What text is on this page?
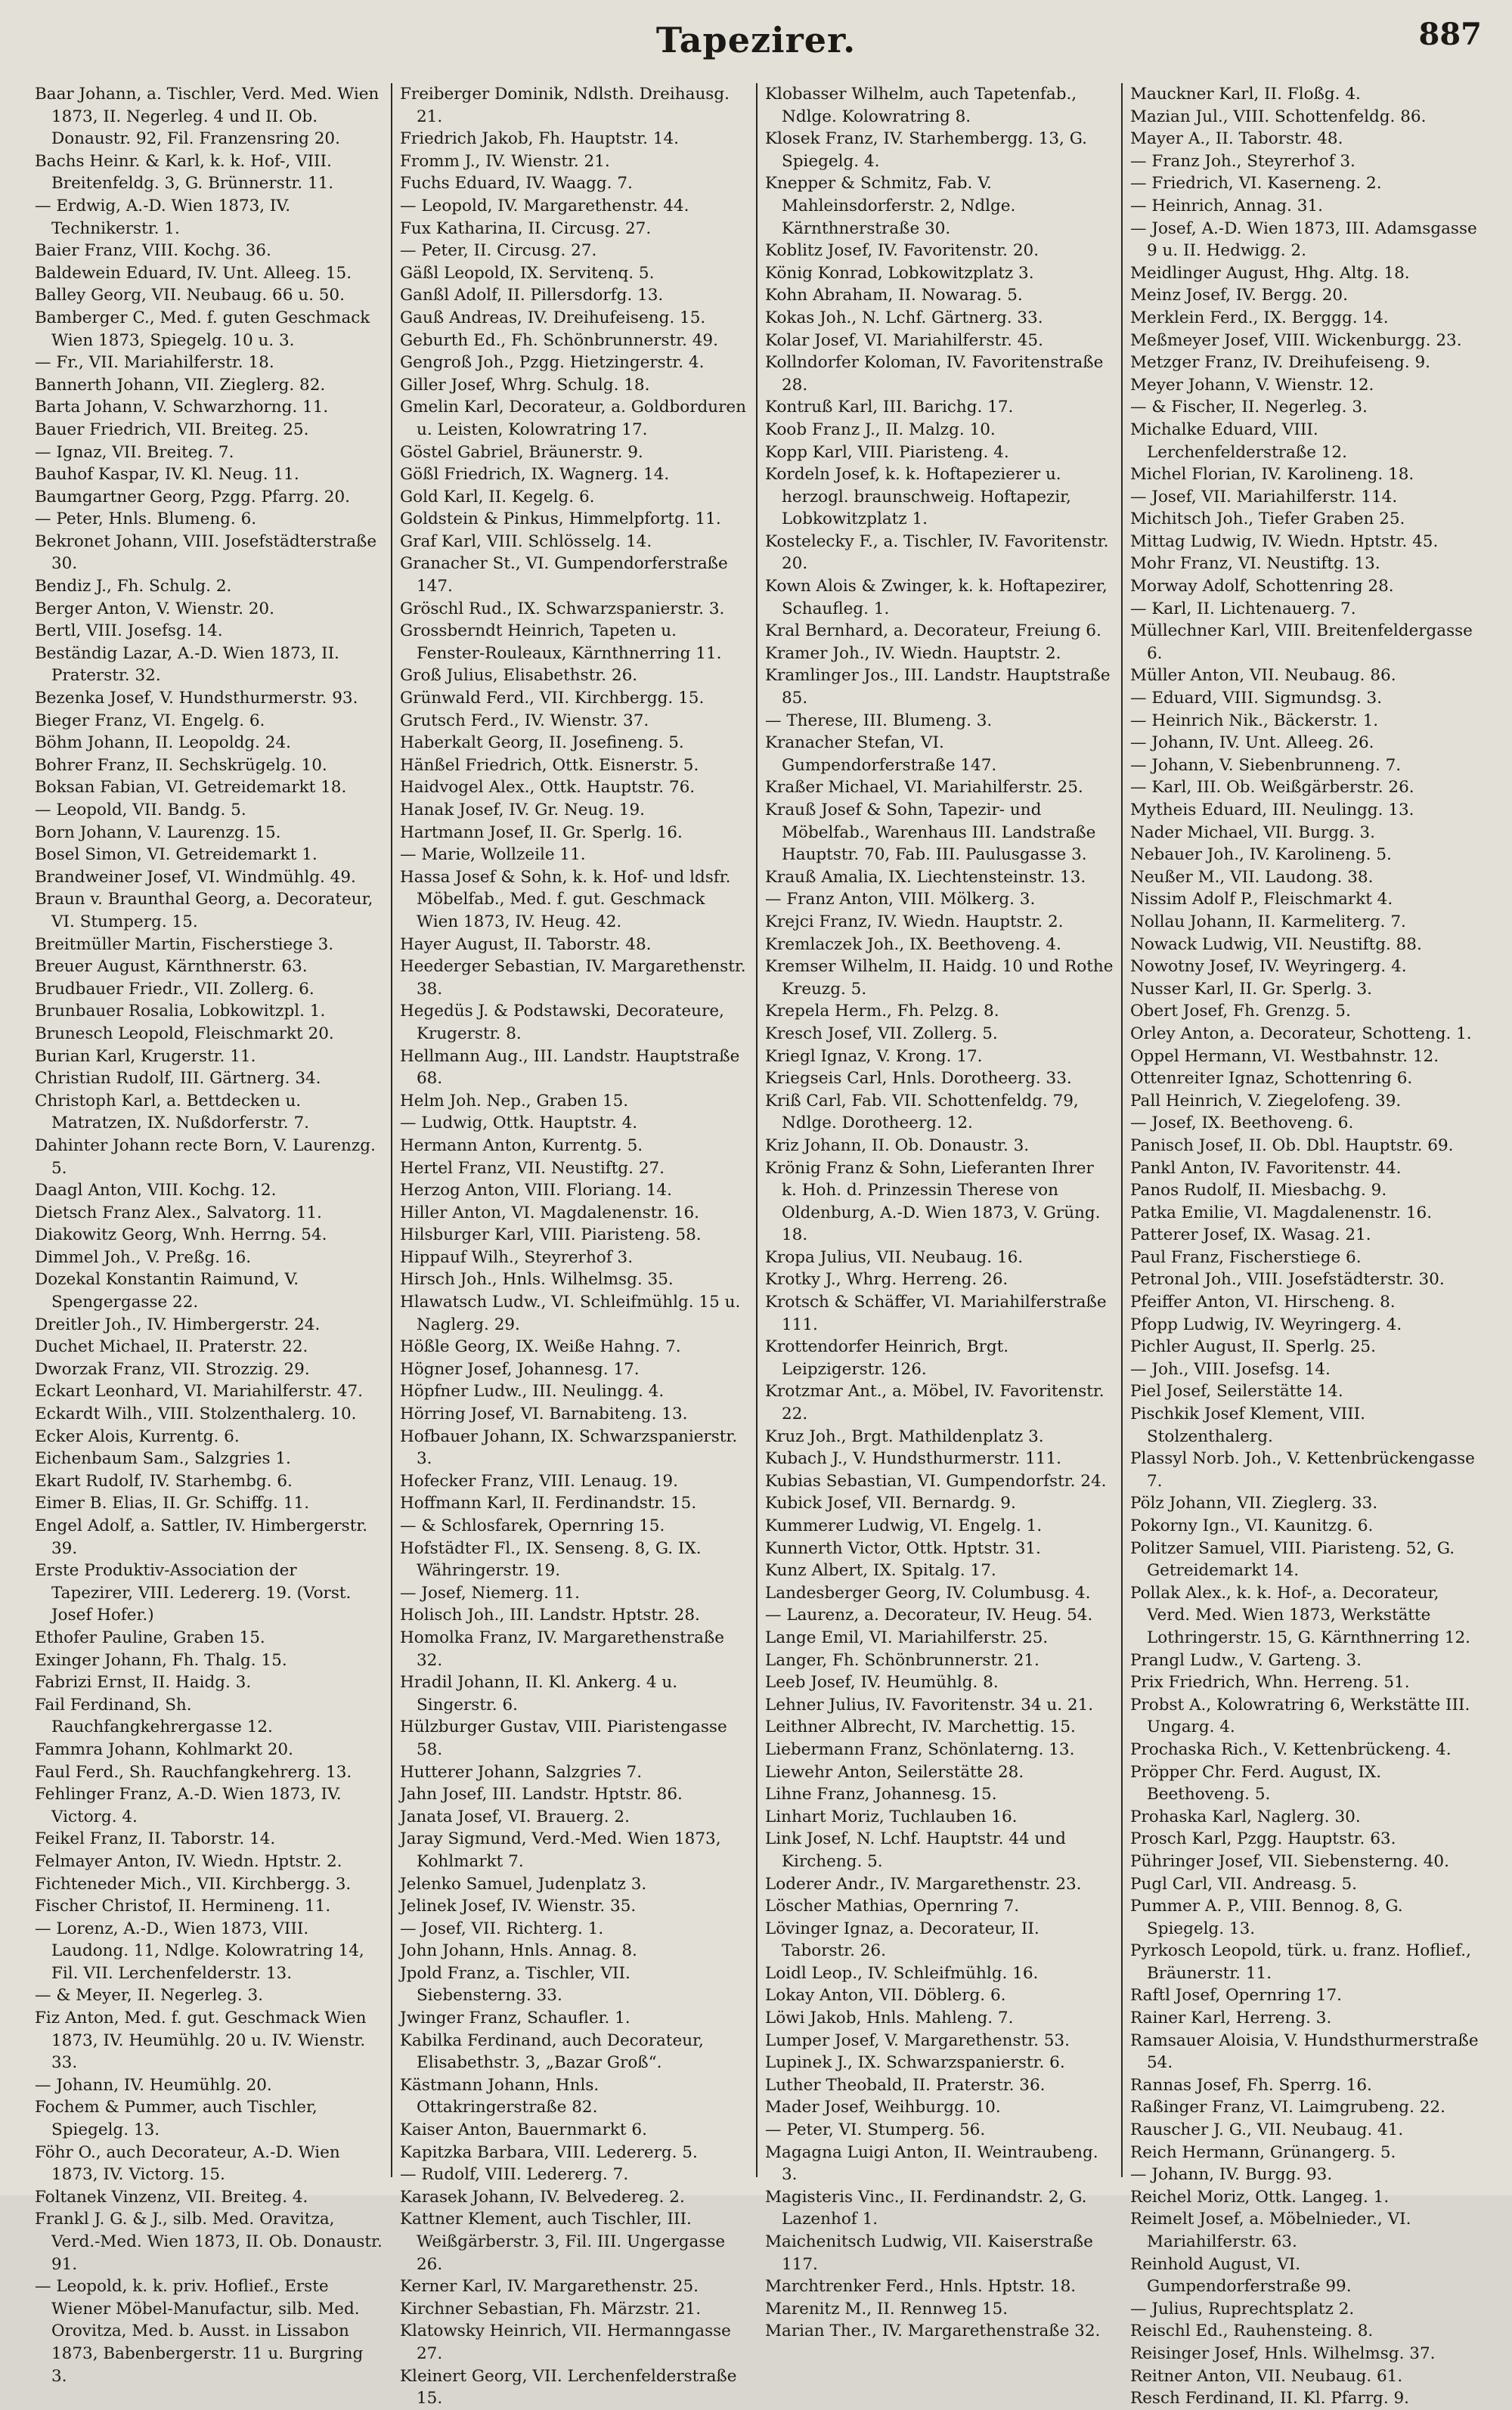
Tapezirer.	887

Baar Johann, a. Tischler, Verd. Med. Wien 1873, II. Negerleg. 4 und II. Ob. Donaustr. 92, Fil. Franzensring 20.

Bachs Heinr. & Karl, k. k. Hof-, VIII. Breitenfeldg. 3, G. Brünnerstr. 11.

— Erdwig, A.-D. Wien 1873, IV. Technikerstr. 1.

Baier Franz, VIII. Kochg. 36.

Baldewein Eduard, IV. Unt. Alleeg. 15.

Balley Georg, VII. Neubaug. 66 u. 50.

Bamberger C., Med. f. guten Geschmack Wien 1873, Spiegelg. 10 u. 3.

— Fr., VII. Mariahilferstr. 18.

Bannerth Johann, VII. Zieglerg. 82.

Barta Johann, V. Schwarzhorng. 11.

Bauer Friedrich, VII. Breiteg. 25.

— Ignaz, VII. Breiteg. 7.

Bauhof Kaspar, IV. Kl. Neug. 11.

Baumgartner Georg, Pzgg. Pfarrg. 20.

— Peter, Hnls. Blumeng. 6.

Bekronet Johann, VIII. Josefstädterstraße 30.

Bendiz J., Fh. Schulg. 2.

Berger Anton, V. Wienstr. 20.

Bertl, VIII. Josefsg. 14.

Beständig Lazar, A.-D. Wien 1873, II. Praterstr. 32.

Bezenka Josef, V. Hundsthurmerstr. 93.

Bieger Franz, VI. Engelg. 6.

Böhm Johann, II. Leopoldg. 24.

Bohrer Franz, II. Sechskrügelg. 10.

Boksan Fabian, VI. Getreidemarkt 18.

— Leopold, VII. Bandg. 5.

Born Johann, V. Laurenzg. 15.

Bosel Simon, VI. Getreidemarkt 1.

Brandweiner Josef, VI. Windmühlg. 49.

Braun v. Braunthal Georg, a. Decorateur, VI. Stumperg. 15.

Breitmüller Martin, Fischerstiege 3.

Breuer August, Kärnthnerstr. 63.

Brudbauer Friedr., VII. Zollerg. 6.

Brunbauer Rosalia, Lobkowitzpl. 1.

Brunesch Leopold, Fleischmarkt 20.

Burian Karl, Krugerstr. 11.

Christian Rudolf, III. Gärtnerg. 34.

Christoph Karl, a. Bettdecken u. Matratzen, IX. Nußdorferstr. 7.

Dahinter Johann recte Born, V. Laurenzg. 5.

Daagl Anton, VIII. Kochg. 12.

Dietsch Franz Alex., Salvatorg. 11.

Diakowitz Georg, Wnh. Herrng. 54.

Dimmel Joh., V. Preßg. 16.

Dozekal Konstantin Raimund, V. Spengergasse 22.

Dreitler Joh., IV. Himbergerstr. 24.

Duchet Michael, II. Praterstr. 22.

Dworzak Franz, VII. Strozzig. 29.

Eckart Leonhard, VI. Mariahilferstr. 47.

Eckardt Wilh., VIII. Stolzenthalerg. 10.

Ecker Alois, Kurrentg. 6.

Eichenbaum Sam., Salzgries 1.

Ekart Rudolf, IV. Starhembg. 6.

Eimer B. Elias, II. Gr. Schiffg. 11.

Engel Adolf, a. Sattler, IV. Himbergerstr. 39.

Erste Produktiv-Association der Tapezirer, VIII. Ledererg. 19. (Vorst. Josef Hofer.)

Ethofer Pauline, Graben 15.

Exinger Johann, Fh. Thalg. 15.

Fabrizi Ernst, II. Haidg. 3.

Fail Ferdinand, Sh. Rauchfangkehrergasse 12.

Fammra Johann, Kohlmarkt 20.

Faul Ferd., Sh. Rauchfangkehrerg. 13.

Fehlinger Franz, A.-D. Wien 1873, IV. Victorg. 4.

Feikel Franz, II. Taborstr. 14.

Felmayer Anton, IV. Wiedn. Hptstr. 2.

Fichteneder Mich., VII. Kirchbergg. 3.

Fischer Christof, II. Hermineng. 11.

— Lorenz, A.-D., Wien 1873, VIII. Laudong. 11, Ndlge. Kolowratring 14, Fil. VII. Lerchenfelderstr. 13.

— & Meyer, II. Negerleg. 3.

Fiz Anton, Med. f. gut. Geschmack Wien 1873, IV. Heumühlg. 20 u. IV. Wienstr. 33.

— Johann, IV. Heumühlg. 20.

Fochem & Pummer, auch Tischler, Spiegelg. 13.

Föhr O., auch Decorateur, A.-D. Wien 1873, IV. Victorg. 15.

Foltanek Vinzenz, VII. Breiteg. 4.

Frankl J. G. & J., silb. Med. Oravitza, Verd.-Med. Wien 1873, II. Ob. Donaustr. 91.

— Leopold, k. k. priv. Hoflief., Erste Wiener Möbel-Manufactur, silb. Med. Orovitza, Med. b. Ausst. in Lissabon 1873, Babenbergerstr. 11 u. Burgring 3.

Freiberger Dominik, Ndlsth. Dreihausg. 21.

Friedrich Jakob, Fh. Hauptstr. 14.

Fromm J., IV. Wienstr. 21.

Fuchs Eduard, IV. Waagg. 7.

— Leopold, IV. Margarethenstr. 44.

Fux Katharina, II. Circusg. 27.

— Peter, II. Circusg. 27.

Gäßl Leopold, IX. Servitenq. 5.

Ganßl Adolf, II. Pillersdorfg. 13.

Gauß Andreas, IV. Dreihufeiseng. 15.

Geburth Ed., Fh. Schönbrunnerstr. 49.

Gengroß Joh., Pzgg. Hietzingerstr. 4.

Giller Josef, Whrg. Schulg. 18.

Gmelin Karl, Decorateur, a. Goldborduren u. Leisten, Kolowratring 17.

Göstel Gabriel, Bräunerstr. 9.

Gößl Friedrich, IX. Wagnerg. 14.

Gold Karl, II. Kegelg. 6.

Goldstein & Pinkus, Himmelpfortg. 11.

Graf Karl, VIII. Schlösselg. 14.

Granacher St., VI. Gumpendorferstraße 147.

Gröschl Rud., IX. Schwarzspanierstr. 3.

Grossberndt Heinrich, Tapeten u. Fenster-Rouleaux, Kärnthnerring 11.

Groß Julius, Elisabethstr. 26.

Grünwald Ferd., VII. Kirchbergg. 15.

Grutsch Ferd., IV. Wienstr. 37.

Haberkalt Georg, II. Josefineng. 5.

Hänßel Friedrich, Ottk. Eisnerstr. 5.

Haidvogel Alex., Ottk. Hauptstr. 76.

Hanak Josef, IV. Gr. Neug. 19.

Hartmann Josef, II. Gr. Sperlg. 16.

— Marie, Wollzeile 11.

Hassa Josef & Sohn, k. k. Hof- und ldsfr. Möbelfab., Med. f. gut. Geschmack Wien 1873, IV. Heug. 42.

Hayer August, II. Taborstr. 48.

Heederger Sebastian, IV. Margarethenstr. 38.

Hegedüs J. & Podstawski, Decorateure, Krugerstr. 8.

Hellmann Aug., III. Landstr. Hauptstraße 68.

Helm Joh. Nep., Graben 15.

— Ludwig, Ottk. Hauptstr. 4.

Hermann Anton, Kurrentg. 5.

Hertel Franz, VII. Neustiftg. 27.

Herzog Anton, VIII. Floriang. 14.

Hiller Anton, VI. Magdalenenstr. 16.

Hilsburger Karl, VIII. Piaristeng. 58.

Hippauf Wilh., Steyrerhof 3.

Hirsch Joh., Hnls. Wilhelmsg. 35.

Hlawatsch Ludw., VI. Schleifmühlg. 15 u. Naglerg. 29.

Hößle Georg, IX. Weiße Hahng. 7.

Högner Josef, Johannesg. 17.

Höpfner Ludw., III. Neulingg. 4.

Hörring Josef, VI. Barnabiteng. 13.

Hofbauer Johann, IX. Schwarzspanierstr. 3.

Hofecker Franz, VIII. Lenaug. 19.

Hoffmann Karl, II. Ferdinandstr. 15.

— & Schlosfarek, Opernring 15.

Hofstädter Fl., IX. Senseng. 8, G. IX. Währingerstr. 19.

— Josef, Niemerg. 11.

Holisch Joh., III. Landstr. Hptstr. 28.

Homolka Franz, IV. Margarethenstraße 32.

Hradil Johann, II. Kl. Ankerg. 4 u. Singerstr. 6.

Hülzburger Gustav, VIII. Piaristengasse 58.

Hutterer Johann, Salzgries 7.

Jahn Josef, III. Landstr. Hptstr. 86.

Janata Josef, VI. Brauerg. 2.

Jaray Sigmund, Verd.-Med. Wien 1873, Kohlmarkt 7.

Jelenko Samuel, Judenplatz 3.

Jelinek Josef, IV. Wienstr. 35.

— Josef, VII. Richterg. 1.

John Johann, Hnls. Annag. 8.

Jpold Franz, a. Tischler, VII. Siebensterng. 33.

Jwinger Franz, Schaufler. 1.

Kabilka Ferdinand, auch Decorateur, Elisabethstr. 3, „Bazar Groß“.

Kästmann Johann, Hnls. Ottakringerstraße 82.

Kaiser Anton, Bauernmarkt 6.

Kapitzka Barbara, VIII. Ledererg. 5.

— Rudolf, VIII. Ledererg. 7.

Karasek Johann, IV. Belvedereg. 2.

Kattner Klement, auch Tischler, III. Weißgärberstr. 3, Fil. III. Ungergasse 26.

Kerner Karl, IV. Margarethenstr. 25.

Kirchner Sebastian, Fh. Märzstr. 21.

Klatowsky Heinrich, VII. Hermanngasse 27.

Kleinert Georg, VII. Lerchenfelderstraße 15.

Klobasser Wilhelm, auch Tapetenfab., Ndlge. Kolowratring 8.

Klosek Franz, IV. Starhembergg. 13, G. Spiegelg. 4.

Knepper & Schmitz, Fab. V. Mahleinsdorferstr. 2, Ndlge. Kärnthnerstraße 30.

Koblitz Josef, IV. Favoritenstr. 20.

König Konrad, Lobkowitzplatz 3.

Kohn Abraham, II. Nowarag. 5.

Kokas Joh., N. Lchf. Gärtnerg. 33.

Kolar Josef, VI. Mariahilferstr. 45.

Kollndorfer Koloman, IV. Favoritenstraße 28.

Kontruß Karl, III. Barichg. 17.

Koob Franz J., II. Malzg. 10.

Kopp Karl, VIII. Piaristeng. 4.

Kordeln Josef, k. k. Hoftapezierer u. herzogl. braunschweig. Hoftapezir, Lobkowitzplatz 1.

Kostelecky F., a. Tischler, IV. Favoritenstr. 20.

Kown Alois & Zwinger, k. k. Hoftapezirer, Schaufleg. 1.

Kral Bernhard, a. Decorateur, Freiung 6.

Kramer Joh., IV. Wiedn. Hauptstr. 2.

Kramlinger Jos., III. Landstr. Hauptstraße 85.

— Therese, III. Blumeng. 3.

Kranacher Stefan, VI. Gumpendorferstraße 147.

Kraßer Michael, VI. Mariahilferstr. 25.

Krauß Josef & Sohn, Tapezir- und Möbelfab., Warenhaus III. Landstraße Hauptstr. 70, Fab. III. Paulusgasse 3.

Krauß Amalia, IX. Liechtensteinstr. 13.

— Franz Anton, VIII. Mölkerg. 3.

Krejci Franz, IV. Wiedn. Hauptstr. 2.

Kremlaczek Joh., IX. Beethoveng. 4.

Kremser Wilhelm, II. Haidg. 10 und Rothe Kreuzg. 5.

Krepela Herm., Fh. Pelzg. 8.

Kresch Josef, VII. Zollerg. 5.

Kriegl Ignaz, V. Krong. 17.

Kriegseis Carl, Hnls. Dorotheerg. 33.

Kriß Carl, Fab. VII. Schottenfeldg. 79, Ndlge. Dorotheerg. 12.

Kriz Johann, II. Ob. Donaustr. 3.

Krönig Franz & Sohn, Lieferanten Ihrer k. Hoh. d. Prinzessin Therese von Oldenburg, A.-D. Wien 1873, V. Grüng. 18.

Kropa Julius, VII. Neubaug. 16.

Krotky J., Whrg. Herreng. 26.

Krotsch & Schäffer, VI. Mariahilferstraße 111.

Krottendorfer Heinrich, Brgt. Leipzigerstr. 126.

Krotzmar Ant., a. Möbel, IV. Favoritenstr. 22.

Kruz Joh., Brgt. Mathildenplatz 3.

Kubach J., V. Hundsthurmerstr. 111.

Kubias Sebastian, VI. Gumpendorfstr. 24.

Kubick Josef, VII. Bernardg. 9.

Kummerer Ludwig, VI. Engelg. 1.

Kunnerth Victor, Ottk. Hptstr. 31.

Kunz Albert, IX. Spitalg. 17.

Landesberger Georg, IV. Columbusg. 4.

— Laurenz, a. Decorateur, IV. Heug. 54.

Lange Emil, VI. Mariahilferstr. 25.

Langer, Fh. Schönbrunnerstr. 21.

Leeb Josef, IV. Heumühlg. 8.

Lehner Julius, IV. Favoritenstr. 34 u. 21.

Leithner Albrecht, IV. Marchettig. 15.

Liebermann Franz, Schönlaterng. 13.

Liewehr Anton, Seilerstätte 28.

Lihne Franz, Johannesg. 15.

Linhart Moriz, Tuchlauben 16.

Link Josef, N. Lchf. Hauptstr. 44 und Kircheng. 5.

Loderer Andr., IV. Margarethenstr. 23.

Löscher Mathias, Opernring 7.

Lövinger Ignaz, a. Decorateur, II. Taborstr. 26.

Loidl Leop., IV. Schleifmühlg. 16.

Lokay Anton, VII. Döblerg. 6.

Löwi Jakob, Hnls. Mahleng. 7.

Lumper Josef, V. Margarethenstr. 53.

Lupinek J., IX. Schwarzspanierstr. 6.

Luther Theobald, II. Praterstr. 36.

Mader Josef, Weihburgg. 10.

— Peter, VI. Stumperg. 56.

Magagna Luigi Anton, II. Weintraubeng. 3.

Magisteris Vinc., II. Ferdinandstr. 2, G. Lazenhof 1.

Maichenitsch Ludwig, VII. Kaiserstraße 117.

Marchtrenker Ferd., Hnls. Hptstr. 18.

Marenitz M., II. Rennweg 15.

Marian Ther., IV. Margarethenstraße 32.

Mauckner Karl, II. Floßg. 4.

Mazian Jul., VIII. Schottenfeldg. 86.

Mayer A., II. Taborstr. 48.

— Franz Joh., Steyrerhof 3.

— Friedrich, VI. Kaserneng. 2.

— Heinrich, Annag. 31.

— Josef, A.-D. Wien 1873, III. Adamsgasse 9 u. II. Hedwigg. 2.

Meidlinger August, Hhg. Altg. 18.

Meinz Josef, IV. Bergg. 20.

Merklein Ferd., IX. Berggg. 14.

Meßmeyer Josef, VIII. Wickenburgg. 23.

Metzger Franz, IV. Dreihufeiseng. 9.

Meyer Johann, V. Wienstr. 12.

— & Fischer, II. Negerleg. 3.

Michalke Eduard, VIII. Lerchenfelderstraße 12.

Michel Florian, IV. Karolineng. 18.

— Josef, VII. Mariahilferstr. 114.

Michitsch Joh., Tiefer Graben 25.

Mittag Ludwig, IV. Wiedn. Hptstr. 45.

Mohr Franz, VI. Neustiftg. 13.

Morway Adolf, Schottenring 28.

— Karl, II. Lichtenauerg. 7.

Müllechner Karl, VIII. Breitenfeldergasse 6.

Müller Anton, VII. Neubaug. 86.

— Eduard, VIII. Sigmundsg. 3.

— Heinrich Nik., Bäckerstr. 1.

— Johann, IV. Unt. Alleeg. 26.

— Johann, V. Siebenbrunneng. 7.

— Karl, III. Ob. Weißgärberstr. 26.

Mytheis Eduard, III. Neulingg. 13.

Nader Michael, VII. Burgg. 3.

Nebauer Joh., IV. Karolineng. 5.

Neußer M., VII. Laudong. 38.

Nissim Adolf P., Fleischmarkt 4.

Nollau Johann, II. Karmeliterg. 7.

Nowack Ludwig, VII. Neustiftg. 88.

Nowotny Josef, IV. Weyringerg. 4.

Nusser Karl, II. Gr. Sperlg. 3.

Obert Josef, Fh. Grenzg. 5.

Orley Anton, a. Decorateur, Schotteng. 1.

Oppel Hermann, VI. Westbahnstr. 12.

Ottenreiter Ignaz, Schottenring 6.

Pall Heinrich, V. Ziegelofeng. 39.

— Josef, IX. Beethoveng. 6.

Panisch Josef, II. Ob. Dbl. Hauptstr. 69.

Pankl Anton, IV. Favoritenstr. 44.

Panos Rudolf, II. Miesbachg. 9.

Patka Emilie, VI. Magdalenenstr. 16.

Patterer Josef, IX. Wasag. 21.

Paul Franz, Fischerstiege 6.

Petronal Joh., VIII. Josefstädterstr. 30.

Pfeiffer Anton, VI. Hirscheng. 8.

Pfopp Ludwig, IV. Weyringerg. 4.

Pichler August, II. Sperlg. 25.

— Joh., VIII. Josefsg. 14.

Piel Josef, Seilerstätte 14.

Pischkik Josef Klement, VIII. Stolzenthalerg.

Plassyl Norb. Joh., V. Kettenbrückengasse 7.

Pölz Johann, VII. Zieglerg. 33.

Pokorny Ign., VI. Kaunitzg. 6.

Politzer Samuel, VIII. Piaristeng. 52, G. Getreidemarkt 14.

Pollak Alex., k. k. Hof-, a. Decorateur, Verd. Med. Wien 1873, Werkstätte Lothringerstr. 15, G. Kärnthnerring 12.

Prangl Ludw., V. Garteng. 3.

Prix Friedrich, Whn. Herreng. 51.

Probst A., Kolowratring 6, Werkstätte III. Ungarg. 4.

Prochaska Rich., V. Kettenbrückeng. 4.

Pröpper Chr. Ferd. August, IX. Beethoveng. 5.

Prohaska Karl, Naglerg. 30.

Prosch Karl, Pzgg. Hauptstr. 63.

Pühringer Josef, VII. Siebensterng. 40.

Pugl Carl, VII. Andreasg. 5.

Pummer A. P., VIII. Bennog. 8, G. Spiegelg. 13.

Pyrkosch Leopold, türk. u. franz. Hoflief., Bräunerstr. 11.

Raftl Josef, Opernring 17.

Rainer Karl, Herreng. 3.

Ramsauer Aloisia, V. Hundsthurmerstraße 54.

Rannas Josef, Fh. Sperrg. 16.

Raßinger Franz, VI. Laimgrubeng. 22.

Rauscher J. G., VII. Neubaug. 41.

Reich Hermann, Grünangerg. 5.

— Johann, IV. Burgg. 93.

Reichel Moriz, Ottk. Langeg. 1.

Reimelt Josef, a. Möbelnieder., VI. Mariahilferstr. 63.

Reinhold August, VI. Gumpendorferstraße 99.

— Julius, Ruprechtsplatz 2.

Reischl Ed., Rauhensteing. 8.

Reisinger Josef, Hnls. Wilhelmsg. 37.

Reitner Anton, VII. Neubaug. 61.

Resch Ferdinand, II. Kl. Pfarrg. 9.
